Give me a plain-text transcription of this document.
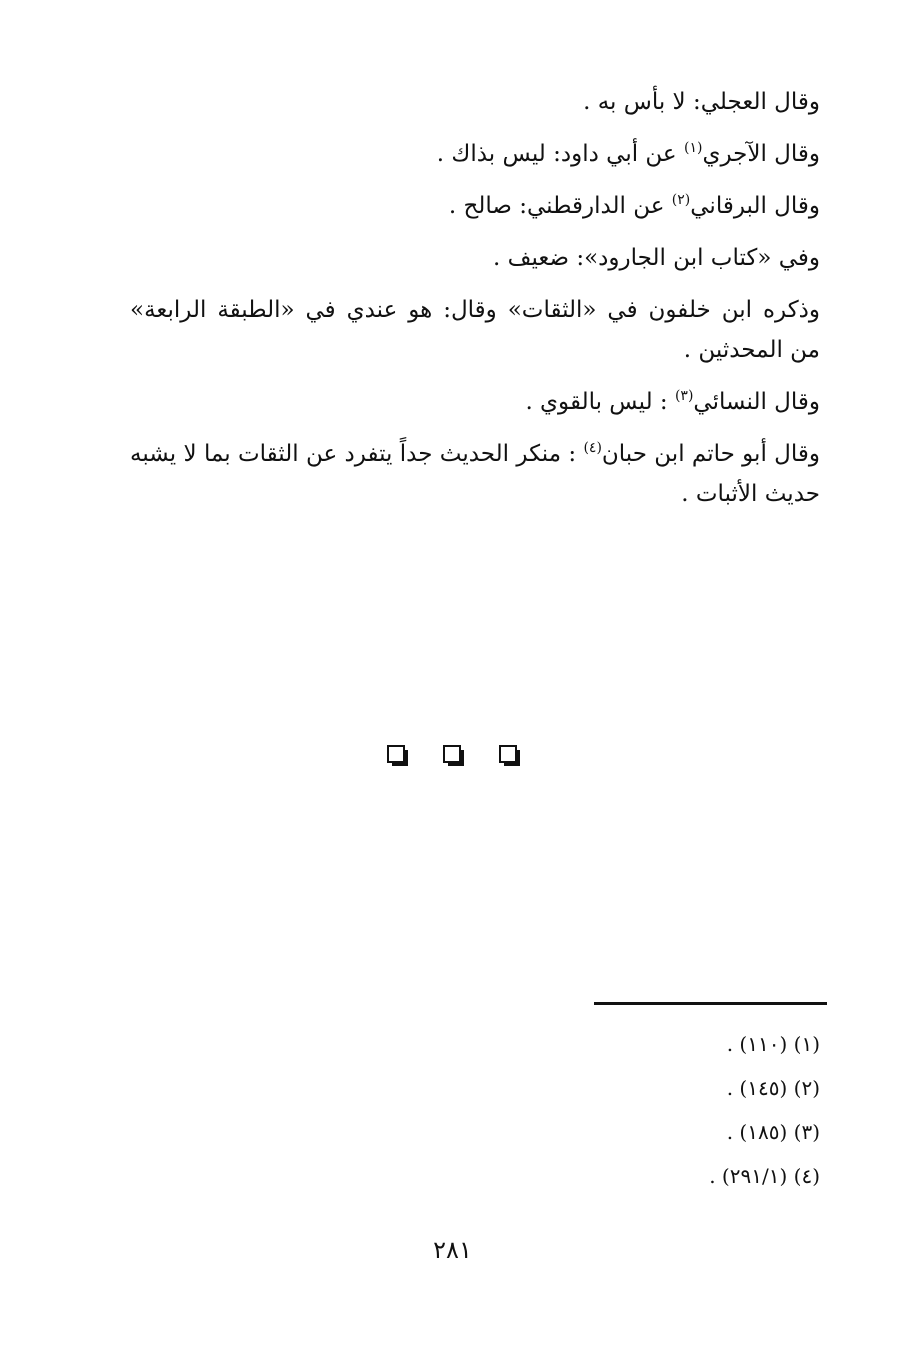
وقال العجلي: لا بأس به .

وقال الآجري$^{(١)}$ عن أبي داود: ليس بذاك .

وقال البرقاني$^{(٢)}$ عن الدارقطني: صالح .

وفي «كتاب ابن الجارود»: ضعيف .

وذكره ابن خلفون في «الثقات» وقال: هو عندي في «الطبقة الرابعة» من المحدثين .

وقال النسائي$^{(٣)}$ : ليس بالقوي .

وقال أبو حاتم ابن حبان$^{(٤)}$ : منكر الحديث جداً يتفرد عن الثقات بما لا يشبه حديث الأثبات .

(١) (١١٠) .

(٢) (١٤٥) .

(٣) (١٨٥) .

(٤) (٢٩١/١) .

٢٨١
